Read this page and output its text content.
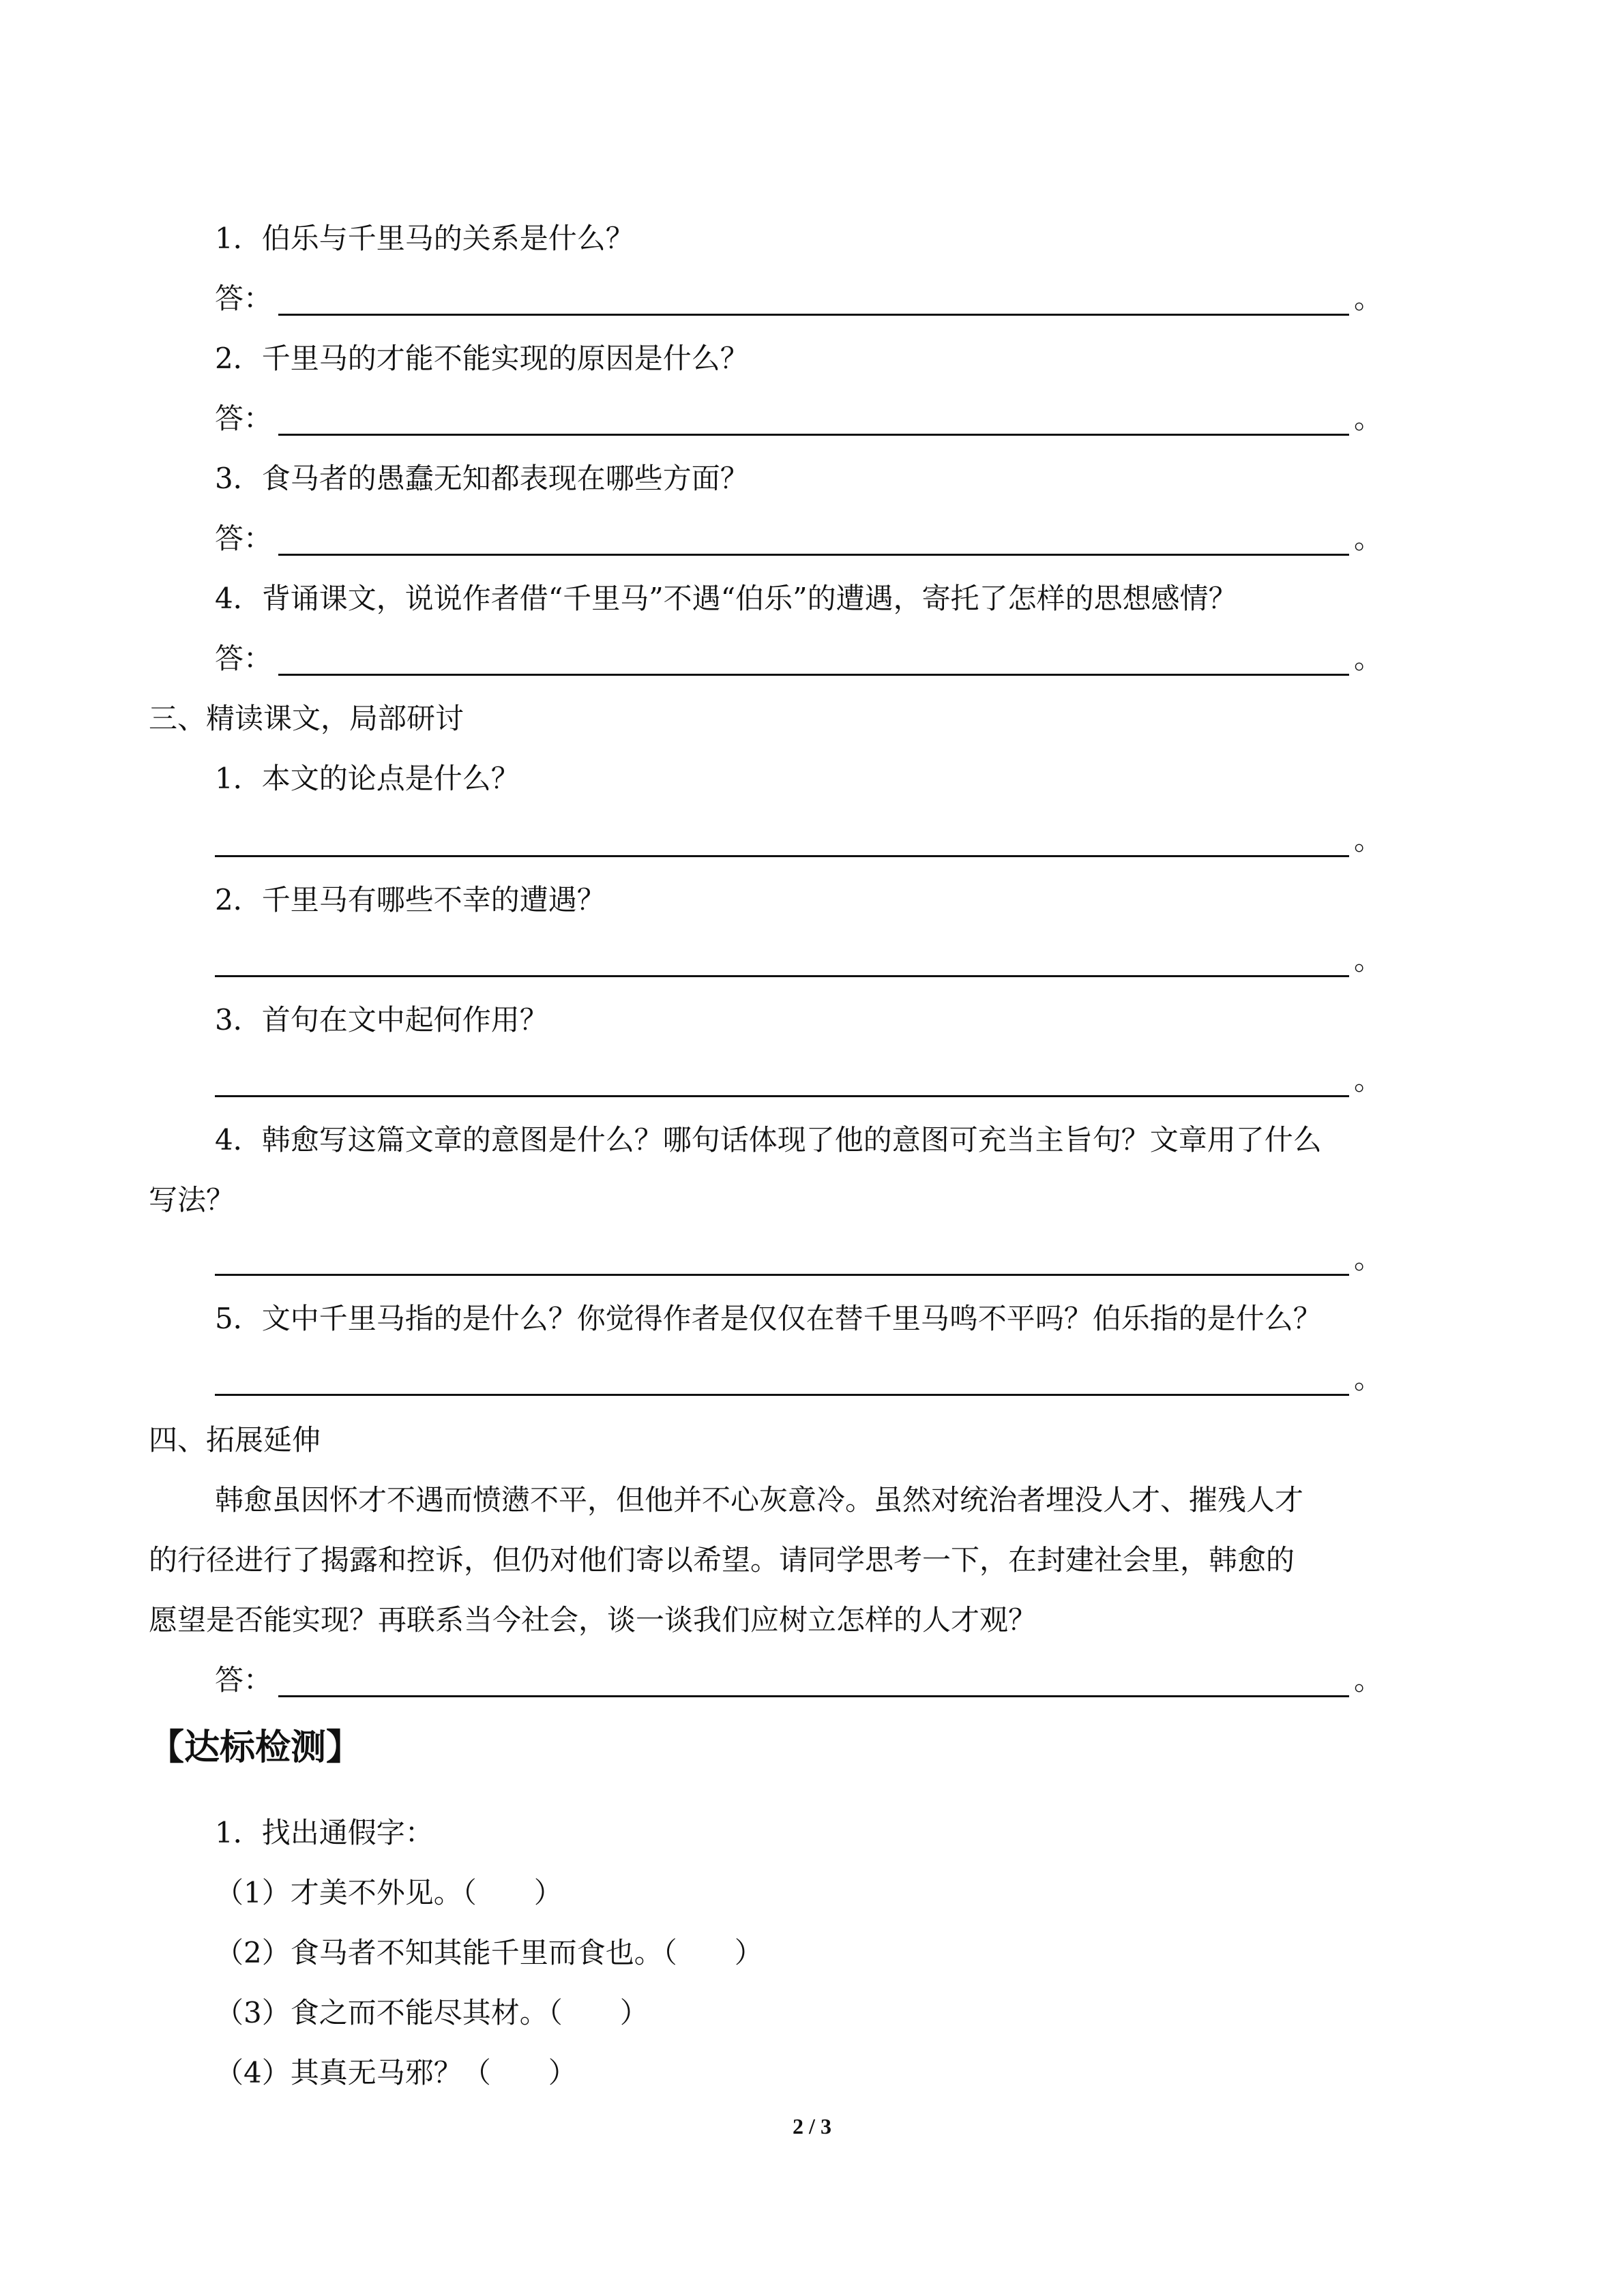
1．伯乐与千里马的关系是什么？
答：	。
2．千里马的才能不能实现的原因是什么？
答：	。
3．食马者的愚蠢无知都表现在哪些方面？
答：	。
4．背诵课文，说说作者借“千里马”不遇“伯乐”的遭遇，寄托了怎样的思想感情？
答：	。
三、精读课文，局部研讨
1．本文的论点是什么？
。
2．千里马有哪些不幸的遭遇？
。
3．首句在文中起何作用？
。
4．韩愈写这篇文章的意图是什么？哪句话体现了他的意图可充当主旨句？文章用了什么
写法？
。
5．文中千里马指的是什么？你觉得作者是仅仅在替千里马鸣不平吗？伯乐指的是什么？
。
四、拓展延伸
韩愈虽因怀才不遇而愤懑不平，但他并不心灰意冷。虽然对统治者埋没人才、摧残人才
的行径进行了揭露和控诉，但仍对他们寄以希望。请同学思考一下，在封建社会里，韩愈的
愿望是否能实现？再联系当今社会，谈一谈我们应树立怎样的人才观？
答：	。
【达标检测】
1．找出通假字：
（1）才美不外见。（　　）
（2）食马者不知其能千里而食也。（　　）
（3）食之而不能尽其材。（　　）
（4）其真无马邪？（　　）
2 / 3
